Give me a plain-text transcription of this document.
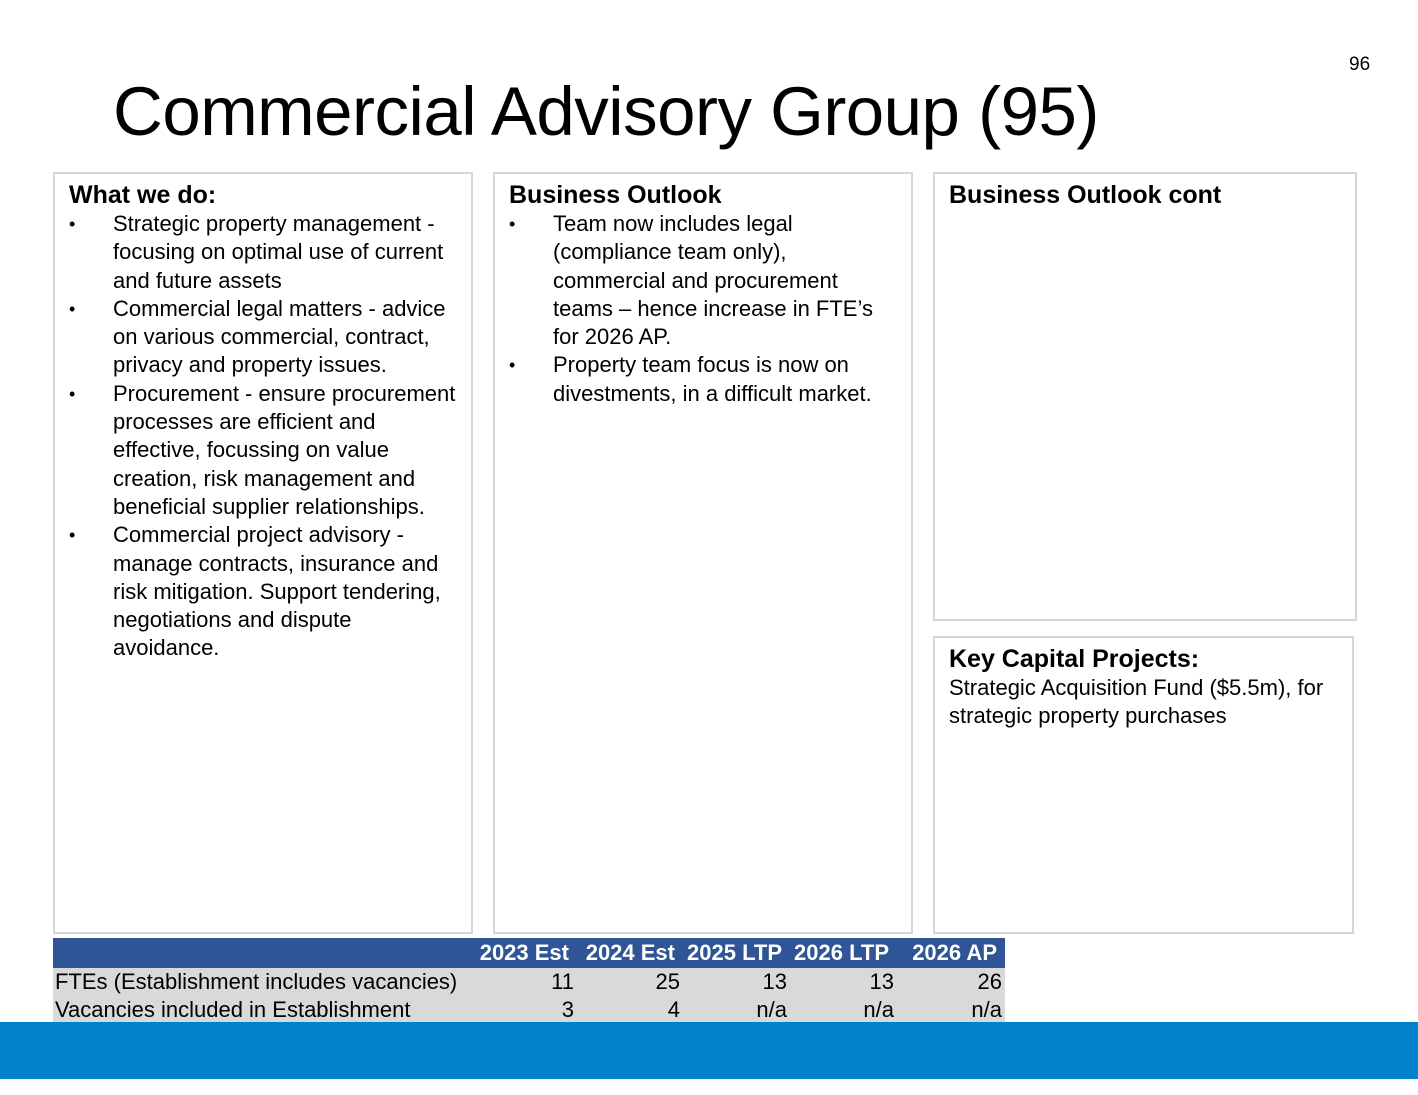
96
Commercial Advisory Group (95)
What we do:
•	Strategic property management - focusing on optimal use of current and future assets
•	Commercial legal matters - advice on various commercial, contract, privacy and property issues.
•	Procurement - ensure procurement processes are efficient and effective, focussing on value creation, risk management and beneficial supplier relationships.
•	Commercial project advisory - manage contracts, insurance and risk mitigation. Support tendering, negotiations and dispute avoidance.
Business Outlook
•	Team now includes legal (compliance team only), commercial and procurement teams – hence increase in FTE’s for 2026 AP.
•	Property team focus is now on divestments, in a difficult market.
Business Outlook cont
Key Capital Projects:

Strategic Acquisition Fund ($5.5m), for strategic property purchases

	2023 Est	2024 Est	2025 LTP	2026 LTP	2026 AP
FTEs (Establishment includes vacancies)	11	25	13	13	26
Vacancies included in Establishment	3	4	n/a	n/a	n/a
